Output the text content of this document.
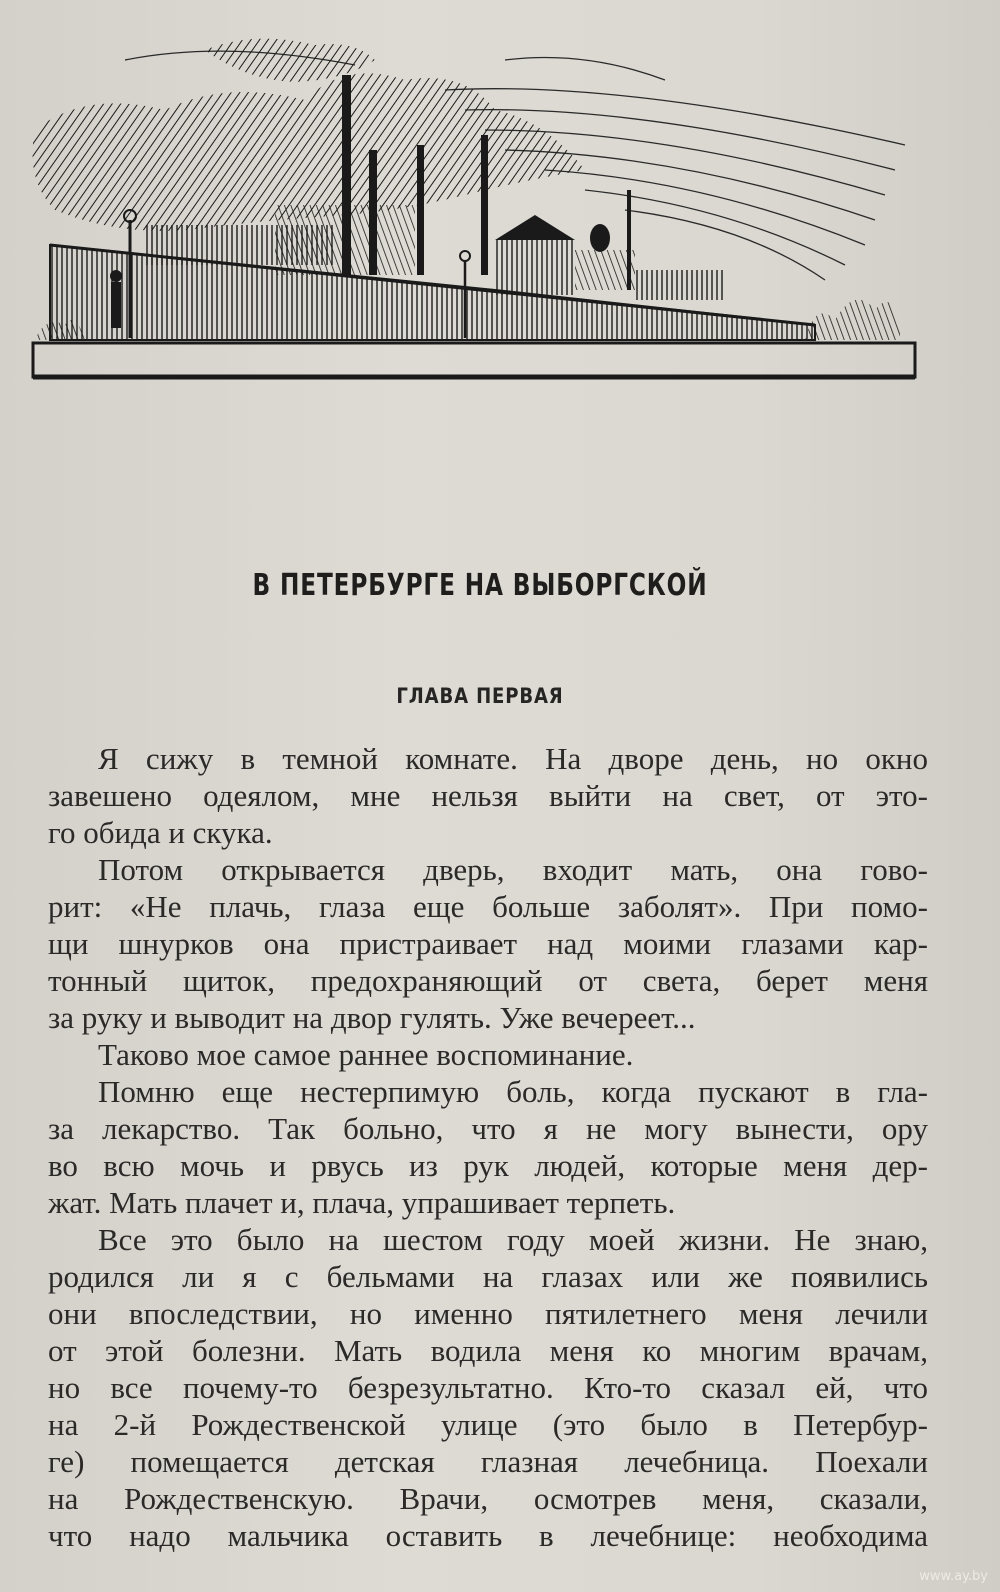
В ПЕТЕРБУРГЕ НА ВЫБОРГСКОЙ
ГЛАВА ПЕРВАЯ
Я сижу в темной комнате. На дворе день, но окно
завешено одеялом, мне нельзя выйти на свет, от это-
го обида и скука.
Потом открывается дверь, входит мать, она гово-
рит: «Не плачь, глаза еще больше заболят». При помо-
щи шнурков она пристраивает над моими глазами кар-
тонный щиток, предохраняющий от света, берет меня
за руку и выводит на двор гулять. Уже вечереет...
Таково мое самое раннее воспоминание.
Помню еще нестерпимую боль, когда пускают в гла-
за лекарство. Так больно, что я не могу вынести, ору
во всю мочь и рвусь из рук людей, которые меня дер-
жат. Мать плачет и, плача, упрашивает терпеть.
Все это было на шестом году моей жизни. Не знаю,
родился ли я с бельмами на глазах или же появились
они впоследствии, но именно пятилетнего меня лечили
от этой болезни. Мать водила меня ко многим врачам,
но все почему-то безрезультатно. Кто-то сказал ей, что
на 2-й Рождественской улице (это было в Петербур-
ге) помещается детская глазная лечебница. Поехали
на Рождественскую. Врачи, осмотрев меня, сказали,
что надо мальчика оставить в лечебнице: необходима
www.ay.by
